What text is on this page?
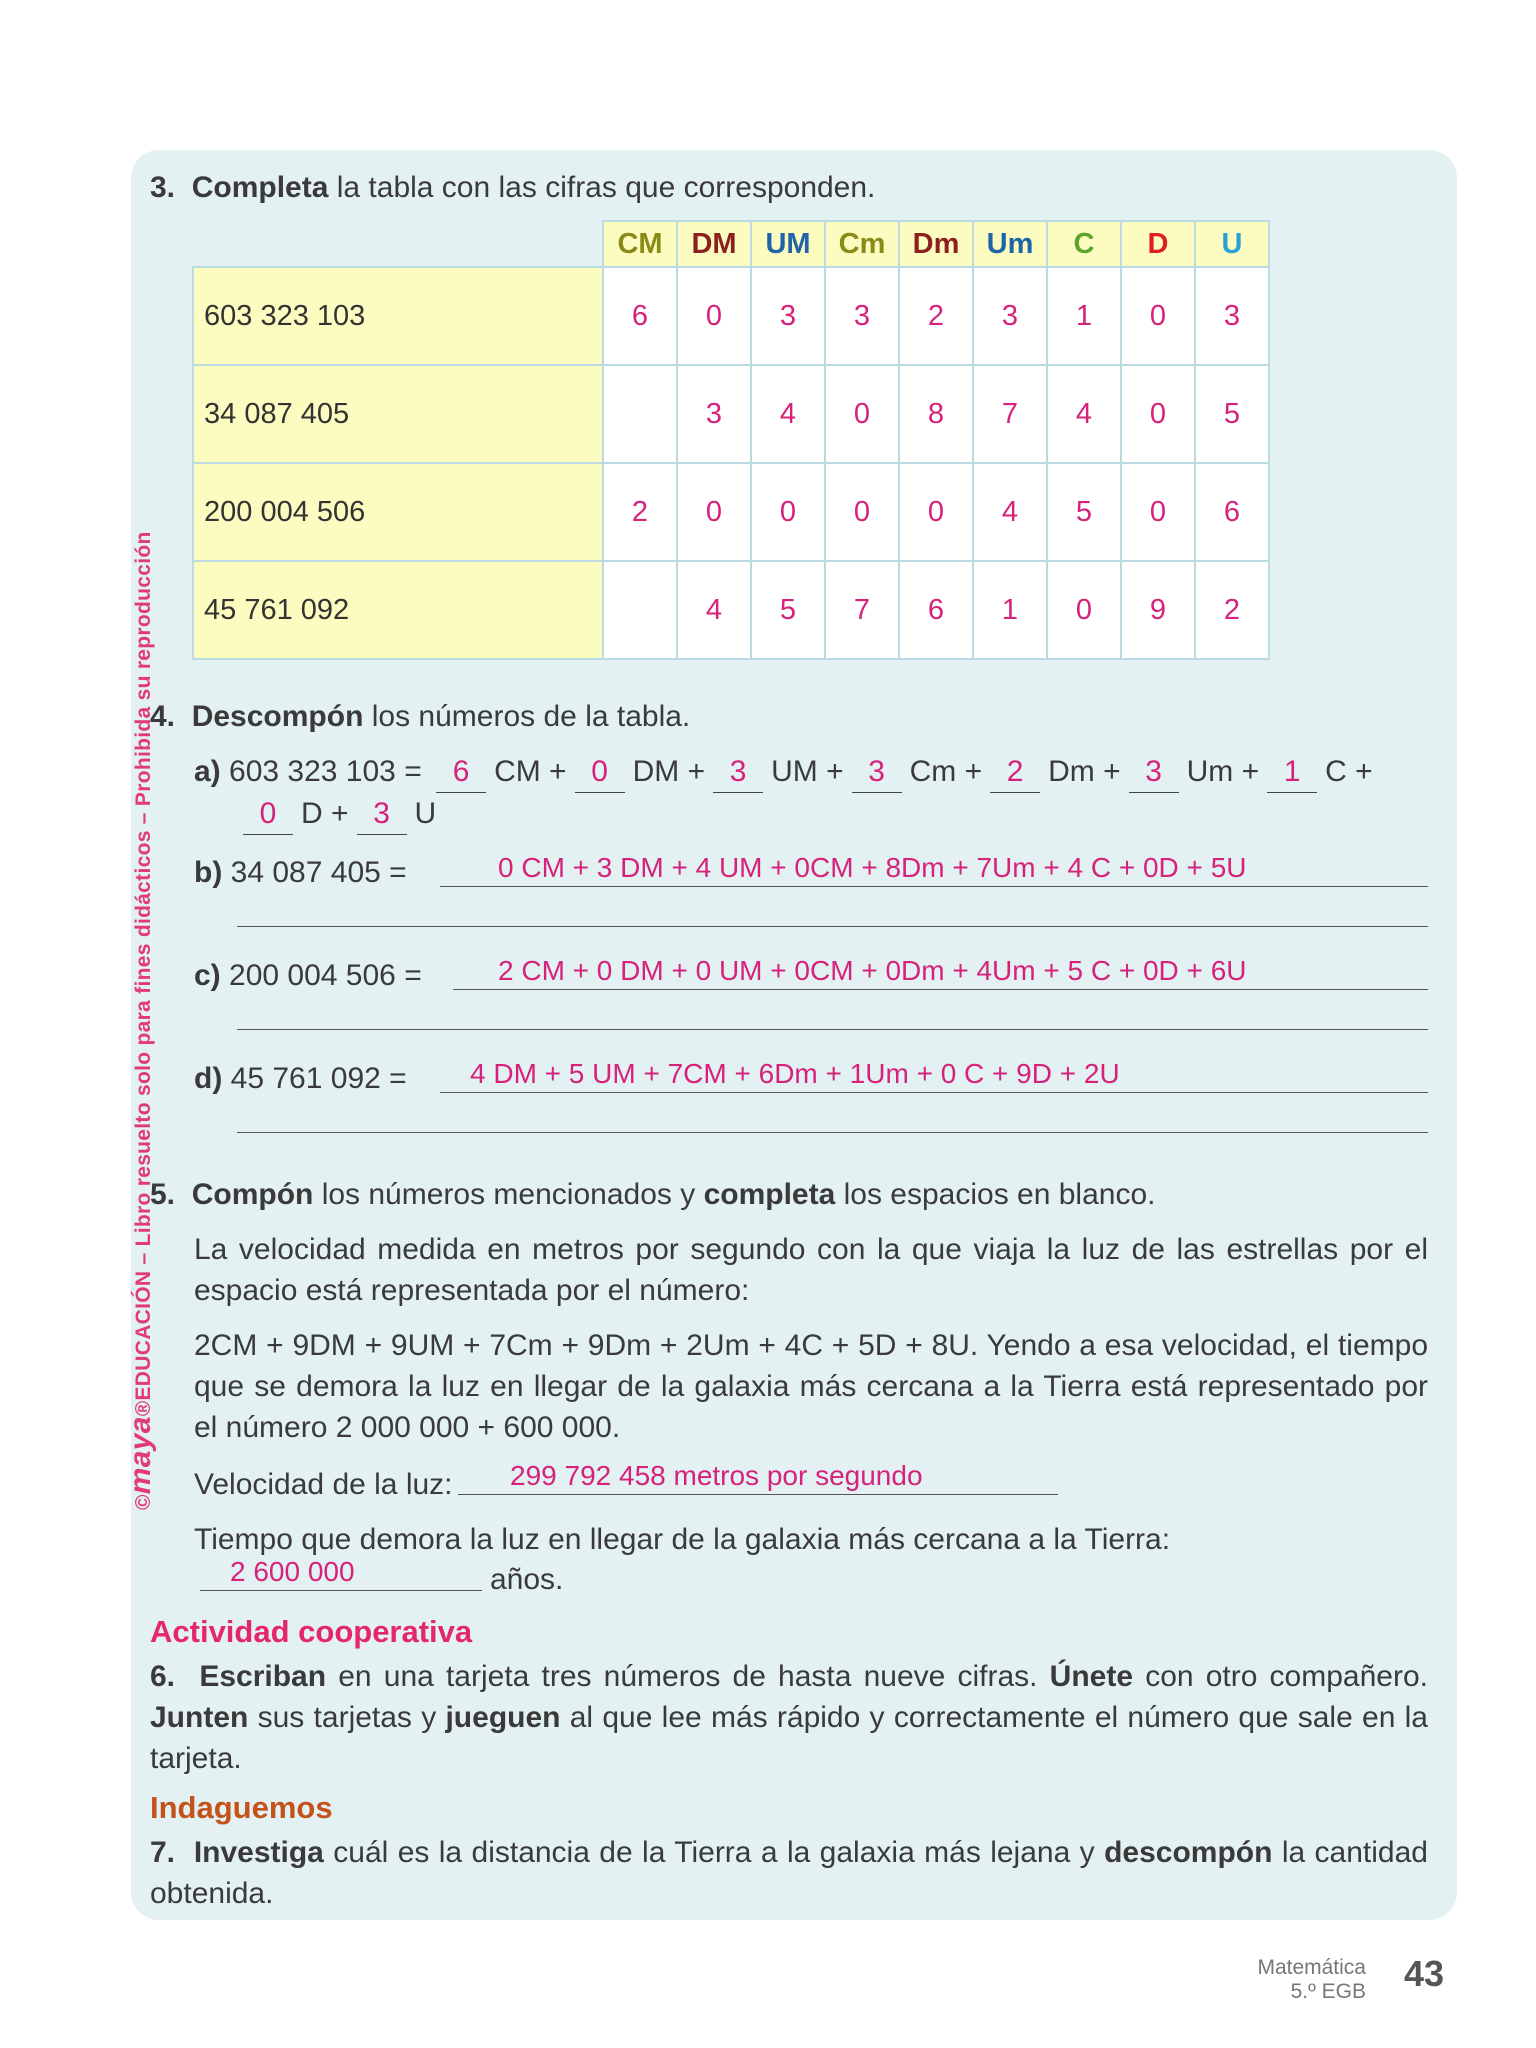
©maya®EDUCACIÓN – Libro resuelto solo para fines didácticos – Prohibida su reproducción
3. Completa la tabla con las cifras que corresponden.
	CM	DM	UM	Cm	Dm	Um	C	D	U
603 323 103	6	0	3	3	2	3	1	0	3
34 087 405		3	4	0	8	7	4	0	5
200 004 506	2	0	0	0	0	4	5	0	6
45 761 092		4	5	7	6	1	0	9	2
4. Descompón los números de la tabla.
a) 603 323 103 = 6 CM + 0 DM + 3 UM + 3 Cm + 2 Dm + 3 Um + 1 C +
0 D + 3 U
b) 34 087 405 =	0 CM + 3 DM + 4 UM + 0CM + 8Dm + 7Um + 4 C + 0D + 5U
c) 200 004 506 =	2 CM + 0 DM + 0 UM + 0CM + 0Dm + 4Um + 5 C + 0D + 6U
d) 45 761 092 = 4 DM + 5 UM + 7CM + 6Dm + 1Um + 0 C + 9D + 2U
5. Compón los números mencionados y completa los espacios en blanco.
La velocidad medida en metros por segundo con la que viaja la luz de las estrellas por el espacio está representada por el número:
2CM + 9DM + 9UM + 7Cm + 9Dm + 2Um + 4C + 5D + 8U. Yendo a esa velocidad, el tiempo que se demora la luz en llegar de la galaxia más cercana a la Tierra está representado por el número 2 000 000 + 600 000.
Velocidad de la luz: 299 792 458 metros por segundo
Tiempo que demora la luz en llegar de la galaxia más cercana a la Tierra:
2 600 000	años.
Actividad cooperativa
6. Escriban en una tarjeta tres números de hasta nueve cifras. Únete con otro compañero. Junten sus tarjetas y jueguen al que lee más rápido y correctamente el número que sale en la tarjeta.
Indaguemos
7. Investiga cuál es la distancia de la Tierra a la galaxia más lejana y descompón la cantidad obtenida.
Matemática
5.º EGB 43
